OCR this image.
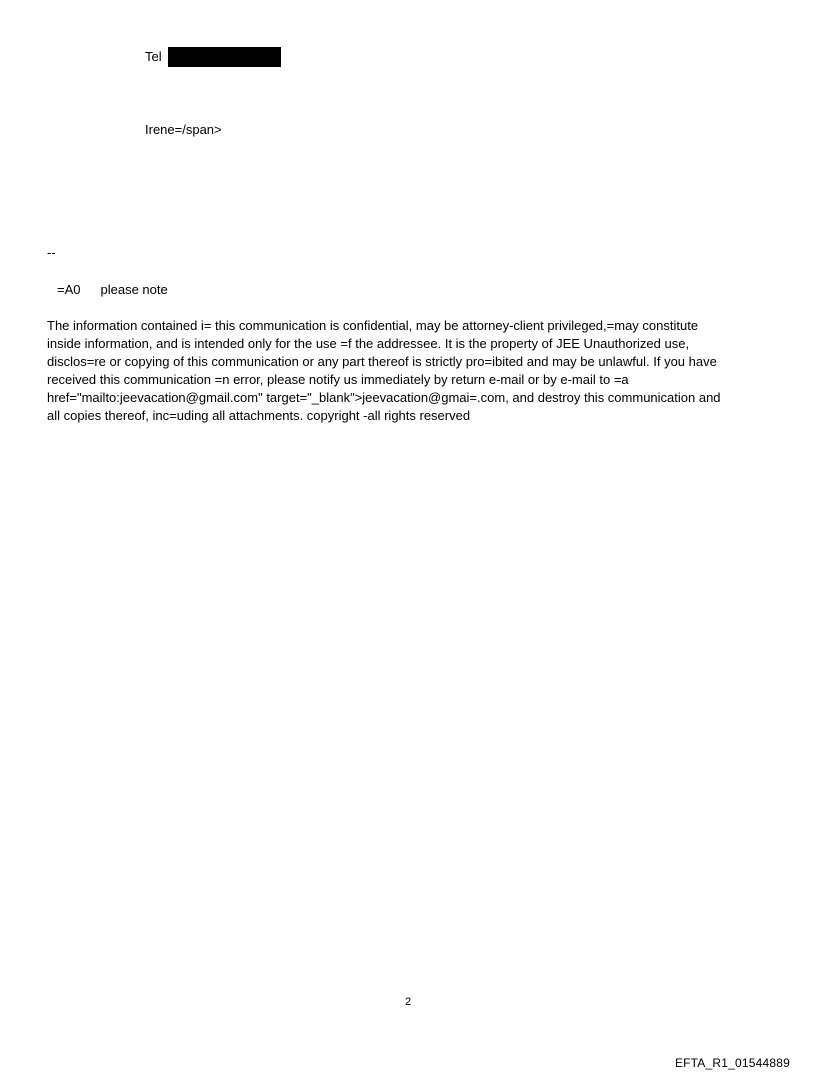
Tel
Irene=/span>
--
=A0 please note
The information contained i= this communication is confidential, may be attorney-client privileged,=may constitute
inside information, and is intended only for the use =f the addressee. It is the property of JEE Unauthorized use,
disclos=re or copying of this communication or any part thereof is strictly pro=ibited and may be unlawful. If you have
received this communication =n error, please notify us immediately by return e-mail or by e-mail to =a
href="mailto:jeevacation@gmail.com" target="_blank">jeevacation@gmai=.com, and destroy this communication and
all copies thereof, inc=uding all attachments. copyright -all rights reserved
2
EFTA_R1_01544889
